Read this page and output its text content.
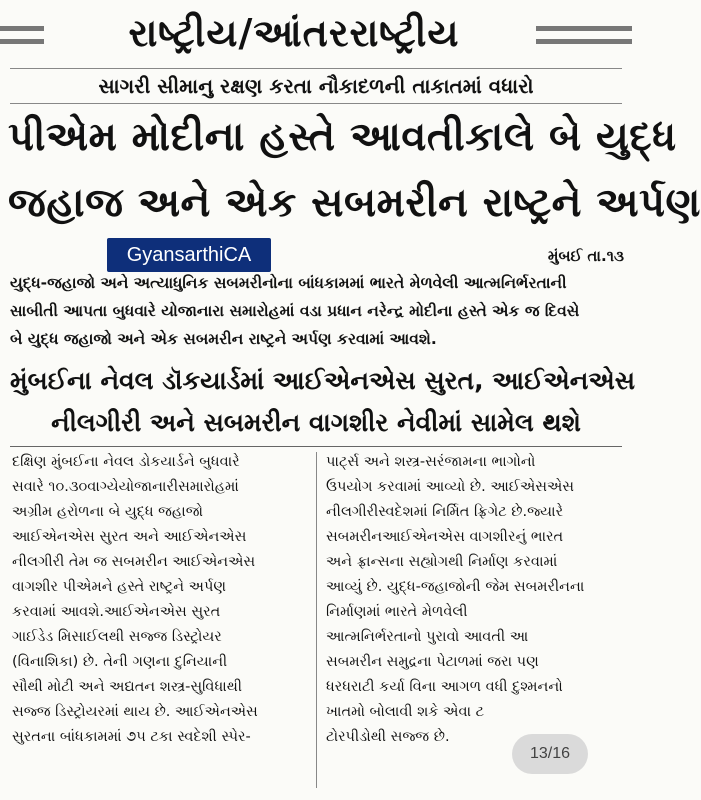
રાષ્ટ્રીય/આંતરરાષ્ટ્રીય
સાગરી સીમાનુ રક્ષણ કરતા નૌકાદળની તાકાતમાં વધારો
પીએમ મોદીના હસ્તે આવતીકાલે બે યુદ્ધ
જહાજ અને એક સબમરીન રાષ્ટ્રને અર્પણ
GyansarthiCA	મુંબઈ તા.૧૩
યુદ્ધ-જહાજો અને અત્યાધુનિક સબમરીનોના બાંધકામમાં ભારતે મેળવેલી આત્મનિર્ભરતાની
સાબીતી આપતા બુધવારે યોજાનારા સમારોહમાં વડા પ્રધાન નરેન્દ્ર મોદીના હસ્તે એક જ દિવસે
બે યુદ્ધ જહાજો અને એક સબમરીન રાષ્ટ્રને અર્પણ કરવામાં આવશે.
મુંબઈના નેવલ ડૉકયાર્ડમાં આઈએનએસ સુરત, આઈએનએસ
નીલગીરી અને સબમરીન વાગશીર નેવીમાં સામેલ થશે
દક્ષિણ મુંબઈના નેવલ ડોકયાર્ડને બુધવારે
સવારે ૧૦.૩૦વાગ્યેયોજાનારીસમારોહમાં
અગ્રીમ હરોળના બે યુદ્ધ જહાજો
આઈએનએસ સુરત અને આઈએનએસ
નીલગીરી તેમ જ સબમરીન આઈએનએસ
વાગશીર પીએમને હસ્તે રાષ્ટ્રને અર્પણ
કરવામાં આવશે.આઈએનએસ સુરત
ગાઈડેડ મિસાઈલથી સજ્જ ડિસ્ટ્રોયર
(વિનાશિકા) છે. તેની ગણના દુનિયાની
સૌથી મોટી અને અદ્યતન શસ્ત્ર-સુવિધાથી
સજ્જ ડિસ્ટ્રોયરમાં થાય છે. આઈએનએસ
સુરતના બાંધકામમાં ૭૫ ટકા સ્વદેશી સ્પેર-
પાર્ટ્સ અને શસ્ત્ર-સરંજામના ભાગોનો
ઉપયોગ કરવામાં આવ્યો છે. આઈએસએસ
નીલગીરીસ્વદેશમાં નિર્મિત ફ્રિગેટ છે.જ્યારે
સબમરીનઆઈએનએસ વાગશીરનું ભારત
અને ફ્રાન્સના સહ્યોગથી નિર્માણ કરવામાં
આવ્યું છે. યુદ્ધ-જહાજોની જેમ સબમરીનના
નિર્માણમાં ભારતે મેળવેલી
આત્મનિર્ભરતાનો પુરાવો આવતી આ
સબમરીન સમુદ્રના પેટાળમાં જરા પણ
ધરધરાટી કર્યા વિના આગળ વધી દુશ્મનનો
ખાતમો બોલાવી શકે એવા ટ
ટોરપીડોથી સજ્જ છે.
13/16
